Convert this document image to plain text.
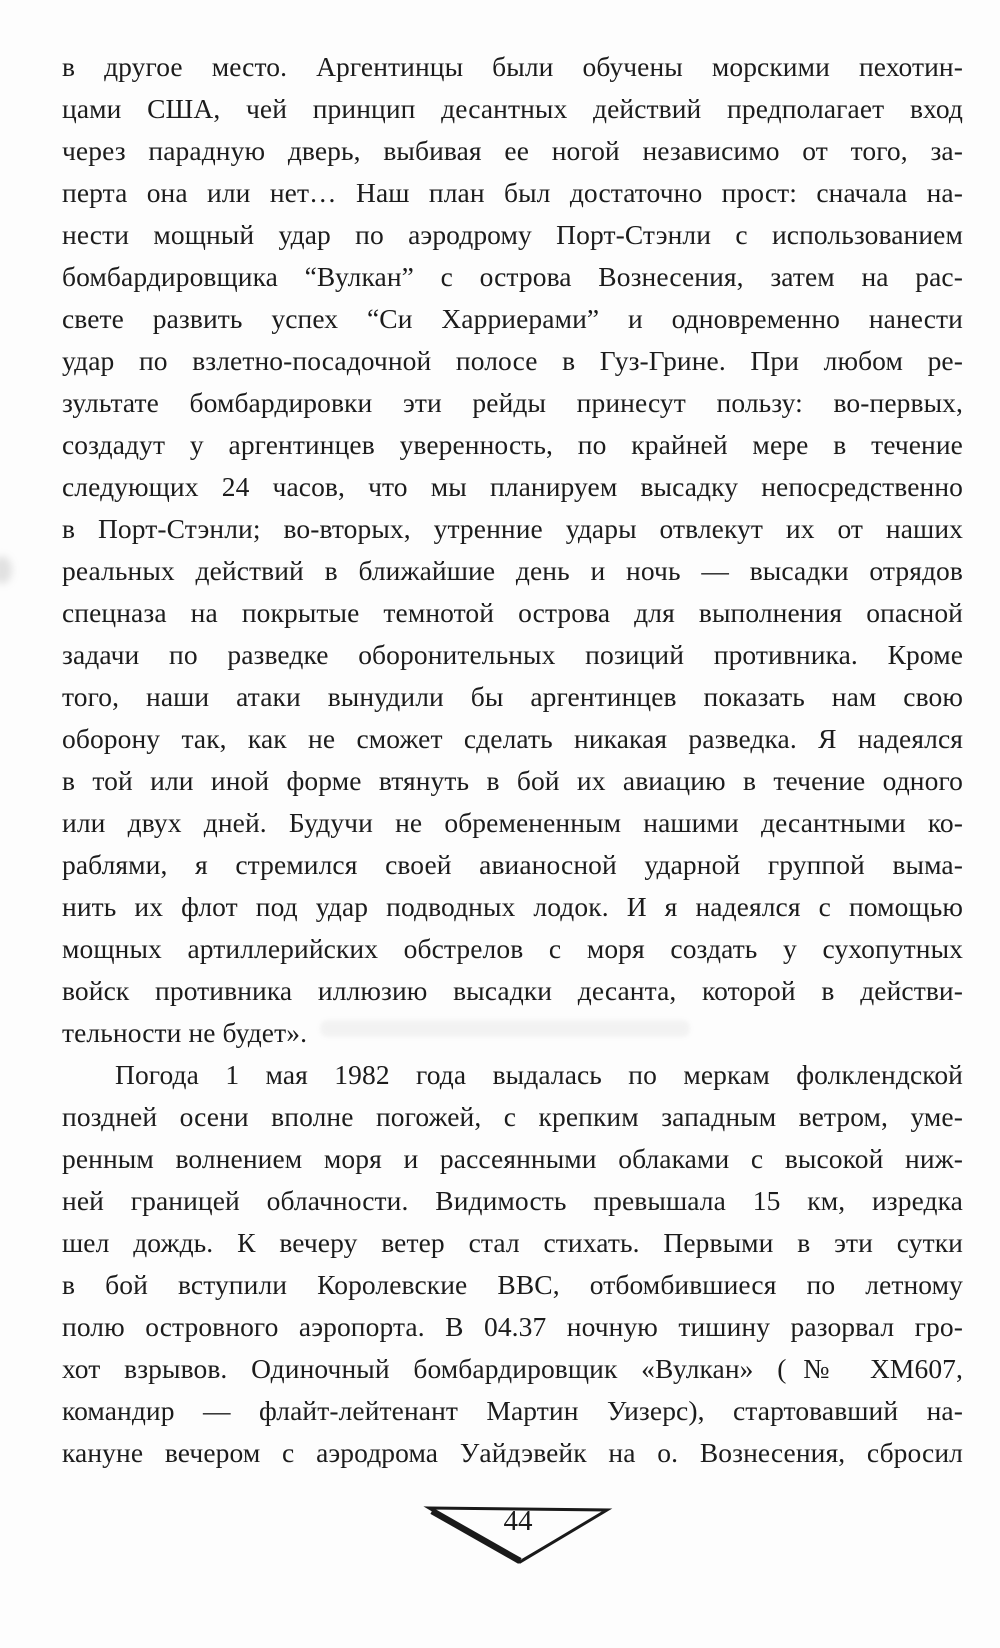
в другое место. Аргентинцы были обучены морскими пехотин-
цами США, чей принцип десантных действий предполагает вход
через парадную дверь, выбивая ее ногой независимо от того, за-
перта она или нет… Наш план был достаточно прост: сначала на-
нести мощный удар по аэродрому Порт-Стэнли с использованием
бомбардировщика “Вулкан” с острова Вознесения, затем на рас-
свете развить успех “Си Харриерами” и одновременно нанести
удар по взлетно-посадочной полосе в Гуз-Грине. При любом ре-
зультате бомбардировки эти рейды принесут пользу: во-первых,
создадут у аргентинцев уверенность, по крайней мере в течение
следующих 24 часов, что мы планируем высадку непосредственно
в Порт-Стэнли; во-вторых, утренние удары отвлекут их от наших
реальных действий в ближайшие день и ночь — высадки отрядов
спецназа на покрытые темнотой острова для выполнения опасной
задачи по разведке оборонительных позиций противника. Кроме
того, наши атаки вынудили бы аргентинцев показать нам свою
оборону так, как не сможет сделать никакая разведка. Я надеялся
в той или иной форме втянуть в бой их авиацию в течение одного
или двух дней. Будучи не обремененным нашими десантными ко-
раблями, я стремился своей авианосной ударной группой выма-
нить их флот под удар подводных лодок. И я надеялся с помощью
мощных артиллерийских обстрелов с моря создать у сухопутных
войск противника иллюзию высадки десанта, которой в действи-
тельности не будет».
Погода 1 мая 1982 года выдалась по меркам фолклендской
поздней осени вполне погожей, с крепким западным ветром, уме-
ренным волнением моря и рассеянными облаками с высокой ниж-
ней границей облачности. Видимость превышала 15 км, изредка
шел дождь. К вечеру ветер стал стихать. Первыми в эти сутки
в бой вступили Королевские ВВС, отбомбившиеся по летному
полю островного аэропорта. В 04.37 ночную тишину разорвал гро-
хот взрывов. Одиночный бомбардировщик «Вулкан» (№ XM607,
командир — флайт-лейтенант Мартин Уизерс), стартовавший на-
кануне вечером с аэродрома Уайдэвейк на о. Вознесения, сбросил
44
